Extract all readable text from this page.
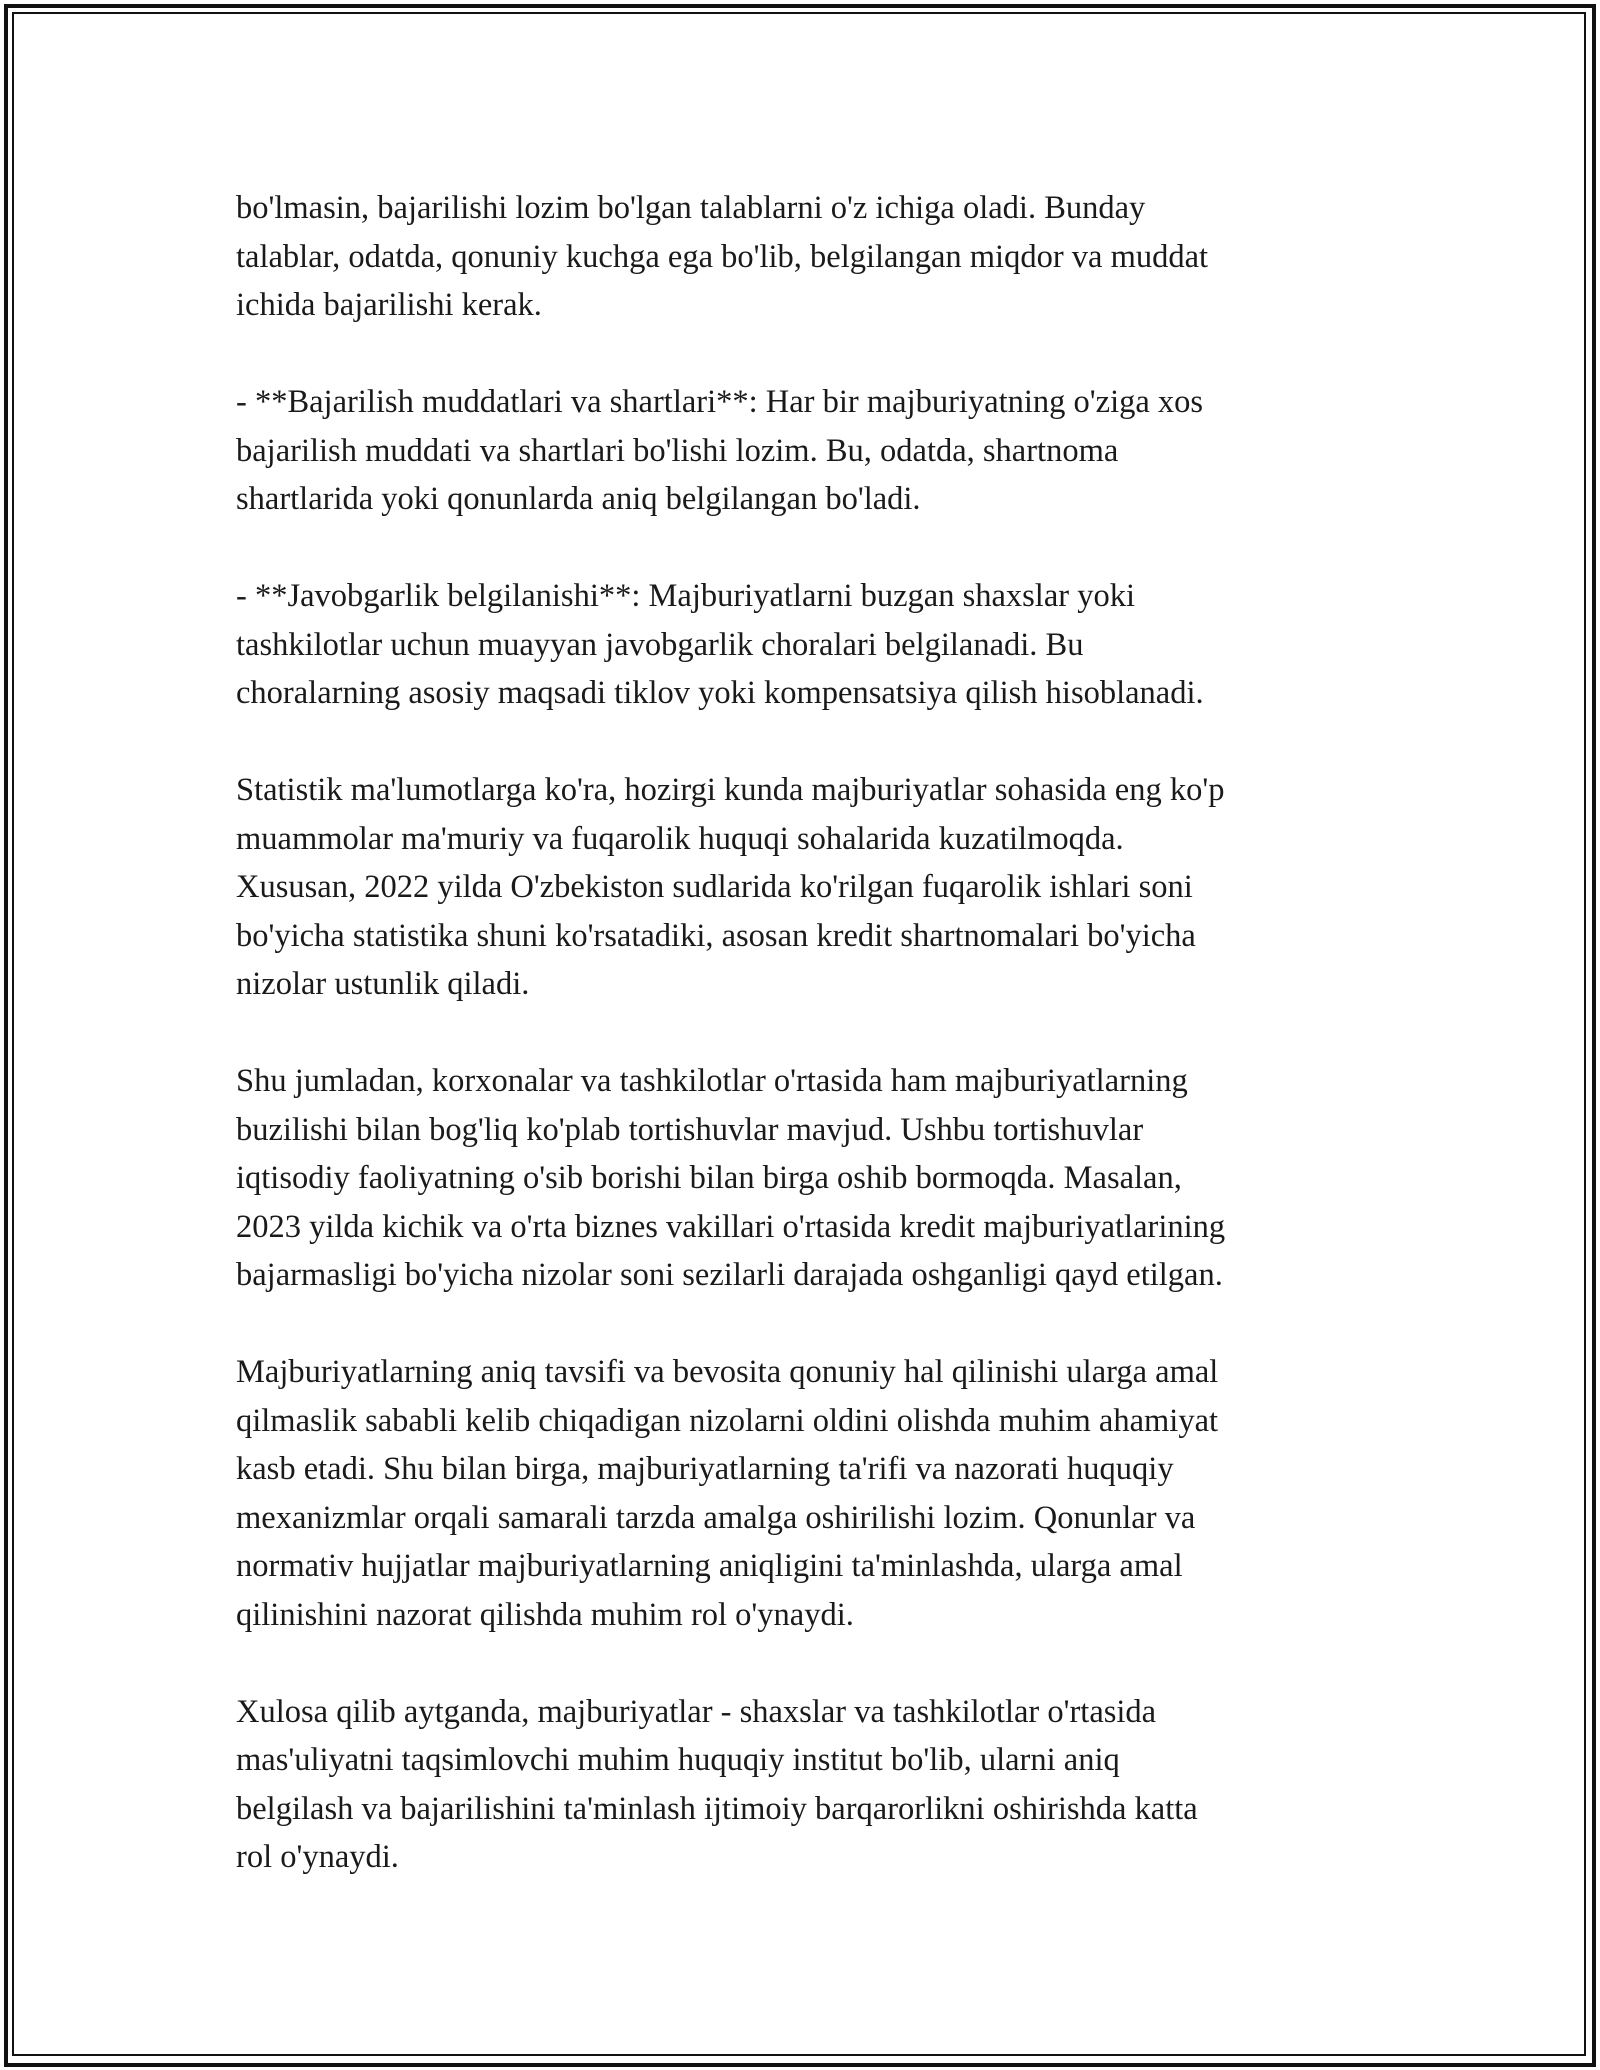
bo'lmasin, bajarilishi lozim bo'lgan talablarni o'z ichiga oladi. Bunday
talablar, odatda, qonuniy kuchga ega bo'lib, belgilangan miqdor va muddat
ichida bajarilishi kerak.

- **Bajarilish muddatlari va shartlari**: Har bir majburiyatning o'ziga xos
bajarilish muddati va shartlari bo'lishi lozim. Bu, odatda, shartnoma
shartlarida yoki qonunlarda aniq belgilangan bo'ladi.

- **Javobgarlik belgilanishi**: Majburiyatlarni buzgan shaxslar yoki
tashkilotlar uchun muayyan javobgarlik choralari belgilanadi. Bu
choralarning asosiy maqsadi tiklov yoki kompensatsiya qilish hisoblanadi.

Statistik ma'lumotlarga ko'ra, hozirgi kunda majburiyatlar sohasida eng ko'p
muammolar ma'muriy va fuqarolik huquqi sohalarida kuzatilmoqda.
Xususan, 2022 yilda O'zbekiston sudlarida ko'rilgan fuqarolik ishlari soni
bo'yicha statistika shuni ko'rsatadiki, asosan kredit shartnomalari bo'yicha
nizolar ustunlik qiladi.

Shu jumladan, korxonalar va tashkilotlar o'rtasida ham majburiyatlarning
buzilishi bilan bog'liq ko'plab tortishuvlar mavjud. Ushbu tortishuvlar
iqtisodiy faoliyatning o'sib borishi bilan birga oshib bormoqda. Masalan,
2023 yilda kichik va o'rta biznes vakillari o'rtasida kredit majburiyatlarining
bajarmasligi bo'yicha nizolar soni sezilarli darajada oshganligi qayd etilgan.

Majburiyatlarning aniq tavsifi va bevosita qonuniy hal qilinishi ularga amal
qilmaslik sababli kelib chiqadigan nizolarni oldini olishda muhim ahamiyat
kasb etadi. Shu bilan birga, majburiyatlarning ta'rifi va nazorati huquqiy
mexanizmlar orqali samarali tarzda amalga oshirilishi lozim. Qonunlar va
normativ hujjatlar majburiyatlarning aniqligini ta'minlashda, ularga amal
qilinishini nazorat qilishda muhim rol o'ynaydi.

Xulosa qilib aytganda, majburiyatlar - shaxslar va tashkilotlar o'rtasida
mas'uliyatni taqsimlovchi muhim huquqiy institut bo'lib, ularni aniq
belgilash va bajarilishini ta'minlash ijtimoiy barqarorlikni oshirishda katta
rol o'ynaydi.
